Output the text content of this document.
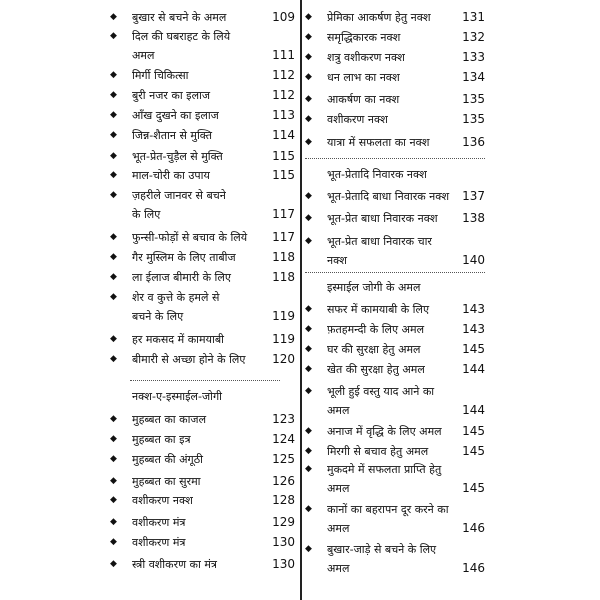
◆ बुखार से बचने के अमल	109
◆ दिल की घबराहट के लिये
अमल	111
◆ मिर्गी चिकित्सा	112
◆ बुरी नजर का इलाज	112
◆ आँख दुखने का इलाज	113
◆ जिन्न-शैतान से मुक्ति	114
◆ भूत-प्रेत-चुड़ैल से मुक्ति	115
◆ माल-चोरी का उपाय	115
◆ ज़हरीले जानवर से बचने
के लिए	117
◆ फुन्सी-फोड़ों से बचाव के लिये 117
◆ गैर मुस्लिम के लिए ताबीज	118
◆ ला ईलाज बीमारी के लिए	118
◆ शेर व कुत्ते के हमले से
बचने के लिए	119
◆ हर मकसद में कामयाबी	119
◆ बीमारी से अच्छा होने के लिए 120
नक्श-ए-इस्माईल-जोगी
◆ मुहब्बत का काजल	123
◆ मुहब्बत का इत्र	124
◆ मुहब्बत की अंगूठी	125
◆ मुहब्बत का सुरमा	126
◆ वशीकरण नक्श	128
◆ वशीकरण मंत्र	129
◆ वशीकरण मंत्र	130
◆ स्त्री वशीकरण का मंत्र	130
◆ प्रेमिका आकर्षण हेतु नक्श	131
◆ समृद्धिकारक नक्श	132
◆ शत्रु वशीकरण नक्श	133
◆ धन लाभ का नक्श	134
◆ आकर्षण का नक्श	135
◆ वशीकरण नक्श	135
◆ यात्रा में सफलता का नक्श	136
भूत-प्रेतादि निवारक नक्श
◆ भूत-प्रेतादि बाधा निवारक नक्श 137
◆ भूत-प्रेत बाधा निवारक नक्श 138
◆ भूत-प्रेत बाधा निवारक चार
नक्श	140
इस्माईल जोगी के अमल
◆ सफर में कामयाबी के लिए	143
◆ फ़तहमन्दी के लिए अमल	143
◆ घर की सुरक्षा हेतु अमल	145
◆ खेत की सुरक्षा हेतु अमल	144
◆ भूली हुई वस्तु याद आने का
अमल	144
◆ अनाज में वृद्धि के लिए अमल 145
◆ मिरगी से बचाव हेतु अमल	145
◆ मुकदमे में सफलता प्राप्ति हेतु
अमल	145
◆ कानों का बहरापन दूर करने का
अमल	146
◆ बुखार-जाड़े से बचने के लिए
अमल	146
